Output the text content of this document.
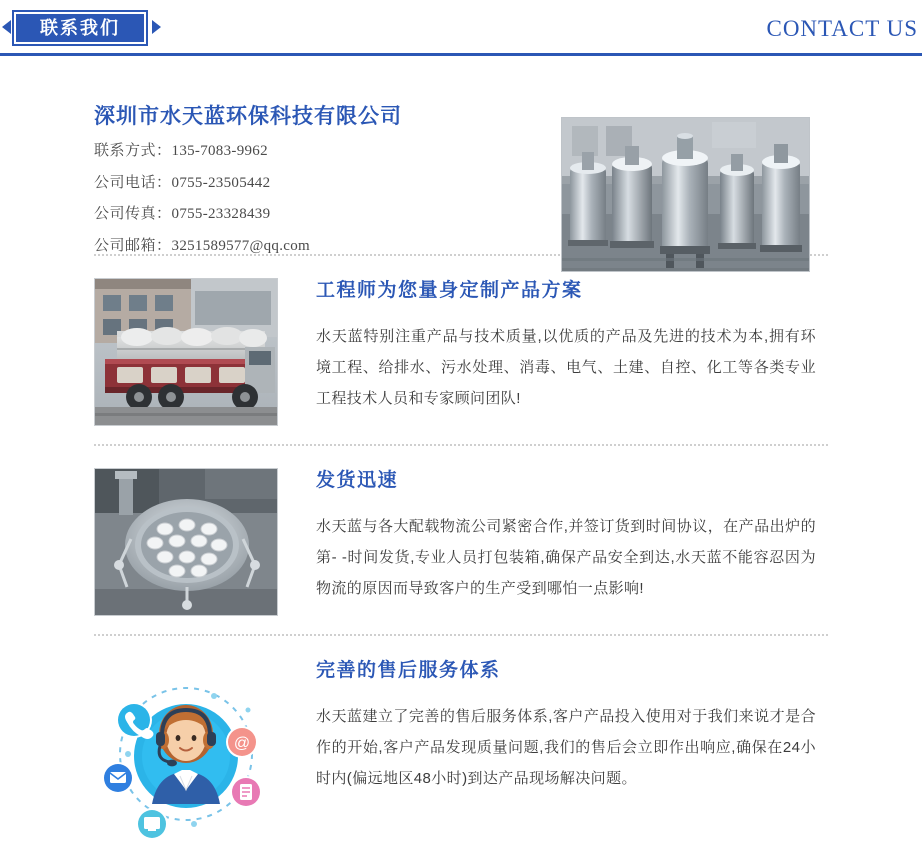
联系我们	CONTACT US
深圳市水天蓝环保科技有限公司
联系方式：135-7083-9962
公司电话：0755-23505442
公司传真：0755-23328439
公司邮箱：3251589577@qq.com
工程师为您量身定制产品方案
水天蓝特别注重产品与技术质量,以优质的产品及先进的技术为本,拥有环境工程、给排水、污水处理、消毒、电气、土建、自控、化工等各类专业工程技术人员和专家顾问团队!
发货迅速
水天蓝与各大配载物流公司紧密合作,并签订货到时间协议，在产品出炉的第- -时间发货,专业人员打包装箱,确保产品安全到达,水天蓝不能容忍因为物流的原因而导致客户的生产受到哪怕一点影响!
@
完善的售后服务体系
水天蓝建立了完善的售后服务体系,客户产品投入使用对于我们来说才是合作的开始,客户产品发现质量问题,我们的售后会立即作出响应,确保在24小时内(偏远地区48小时)到达产品现场解决问题。
